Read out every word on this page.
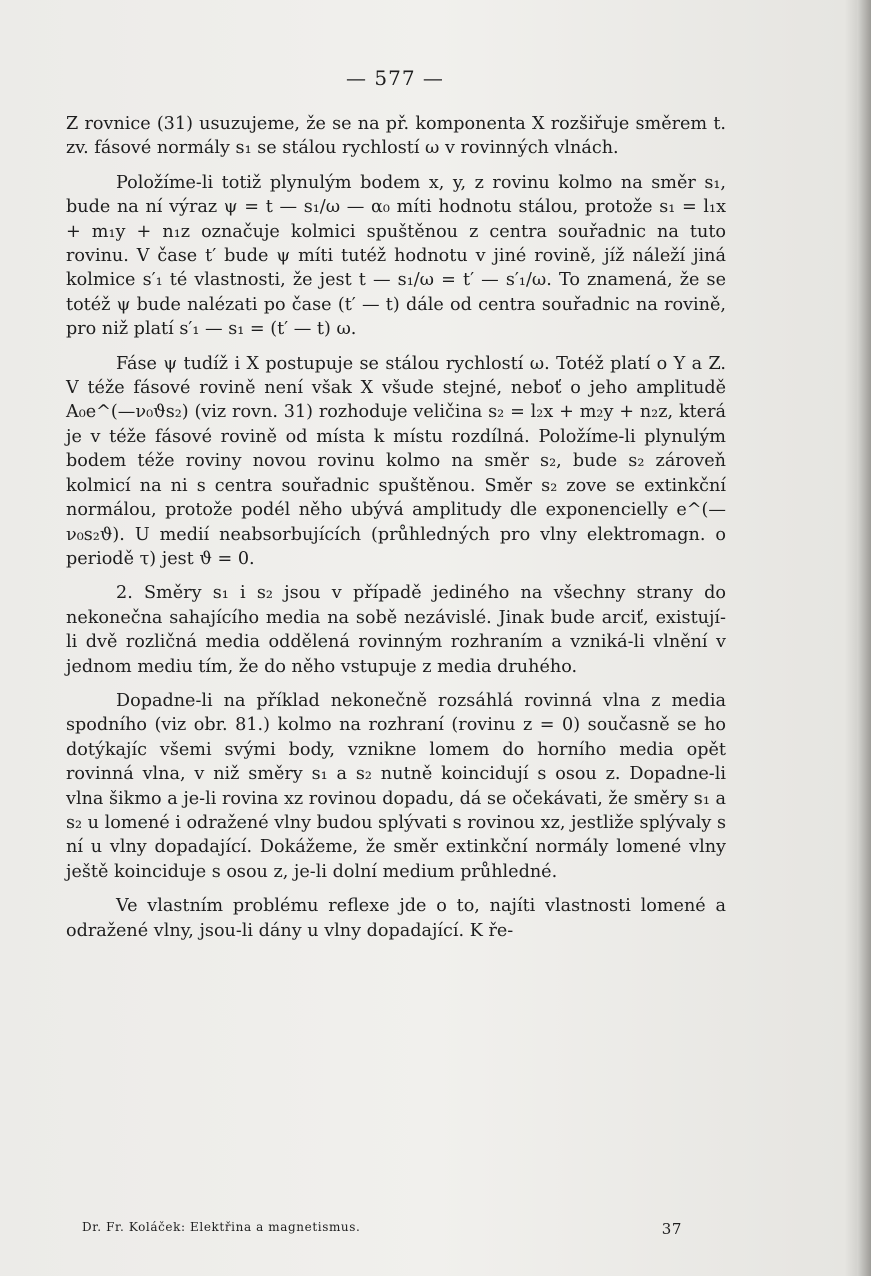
— 577 —

Z rovnice (31) usuzujeme, že se na př. komponenta X rozšiřuje směrem t. zv. fásové normály s₁ se stálou rychlostí ω v rovinných vlnách.

Položíme-li totiž plynulým bodem x, y, z rovinu kolmo na směr s₁, bude na ní výraz ψ = t — s₁/ω — α₀ míti hodnotu stálou, protože s₁ = l₁x + m₁y + n₁z označuje kolmici spuštěnou z centra souřadnic na tuto rovinu. V čase t′ bude ψ míti tutéž hodnotu v jiné rovině, jíž náleží jiná kolmice s′₁ té vlastnosti, že jest t — s₁/ω = t′ — s′₁/ω. To znamená, že se totéž ψ bude nalézati po čase (t′ — t) dále od centra souřadnic na rovině, pro niž platí s′₁ — s₁ = (t′ — t) ω.

Fáse ψ tudíž i X postupuje se stálou rychlostí ω. Totéž platí o Y a Z. V téže fásové rovině není však X všude stejné, neboť o jeho amplitudě A₀e^(—ν₀ϑs₂) (viz rovn. 31) rozhoduje veličina s₂ = l₂x + m₂y + n₂z, která je v téže fásové rovině od místa k místu rozdílná. Položíme-li plynulým bodem téže roviny novou rovinu kolmo na směr s₂, bude s₂ zároveň kolmicí na ni s centra souřadnic spuštěnou. Směr s₂ zove se extinkční normálou, protože podél něho ubývá amplitudy dle exponencielly e^(—ν₀s₂ϑ). U medií neabsorbujících (průhledných pro vlny elektromagn. o periodě τ) jest ϑ = 0.

2. Směry s₁ i s₂ jsou v případě jediného na všechny strany do nekonečna sahajícího media na sobě nezávislé. Jinak bude arciť, existují-li dvě rozličná media oddělená rovinným rozhraním a vzniká-li vlnění v jednom mediu tím, že do něho vstupuje z media druhého.

Dopadne-li na příklad nekonečně rozsáhlá rovinná vlna z media spodního (viz obr. 81.) kolmo na rozhraní (rovinu z = 0) současně se ho dotýkajíc všemi svými body, vznikne lomem do horního media opět rovinná vlna, v niž směry s₁ a s₂ nutně koincidují s osou z. Dopadne-li vlna šikmo a je-li rovina xz rovinou dopadu, dá se očekávati, že směry s₁ a s₂ u lomené i odražené vlny budou splývati s rovinou xz, jestliže splývaly s ní u vlny dopadající. Dokážeme, že směr extinkční normály lomené vlny ještě koinciduje s osou z, je-li dolní medium průhledné.

Ve vlastním problému reflexe jde o to, najíti vlastnosti lomené a odražené vlny, jsou-li dány u vlny dopadající. K ře-

Dr. Fr. Koláček: Elektřina a magnetismus.	37
